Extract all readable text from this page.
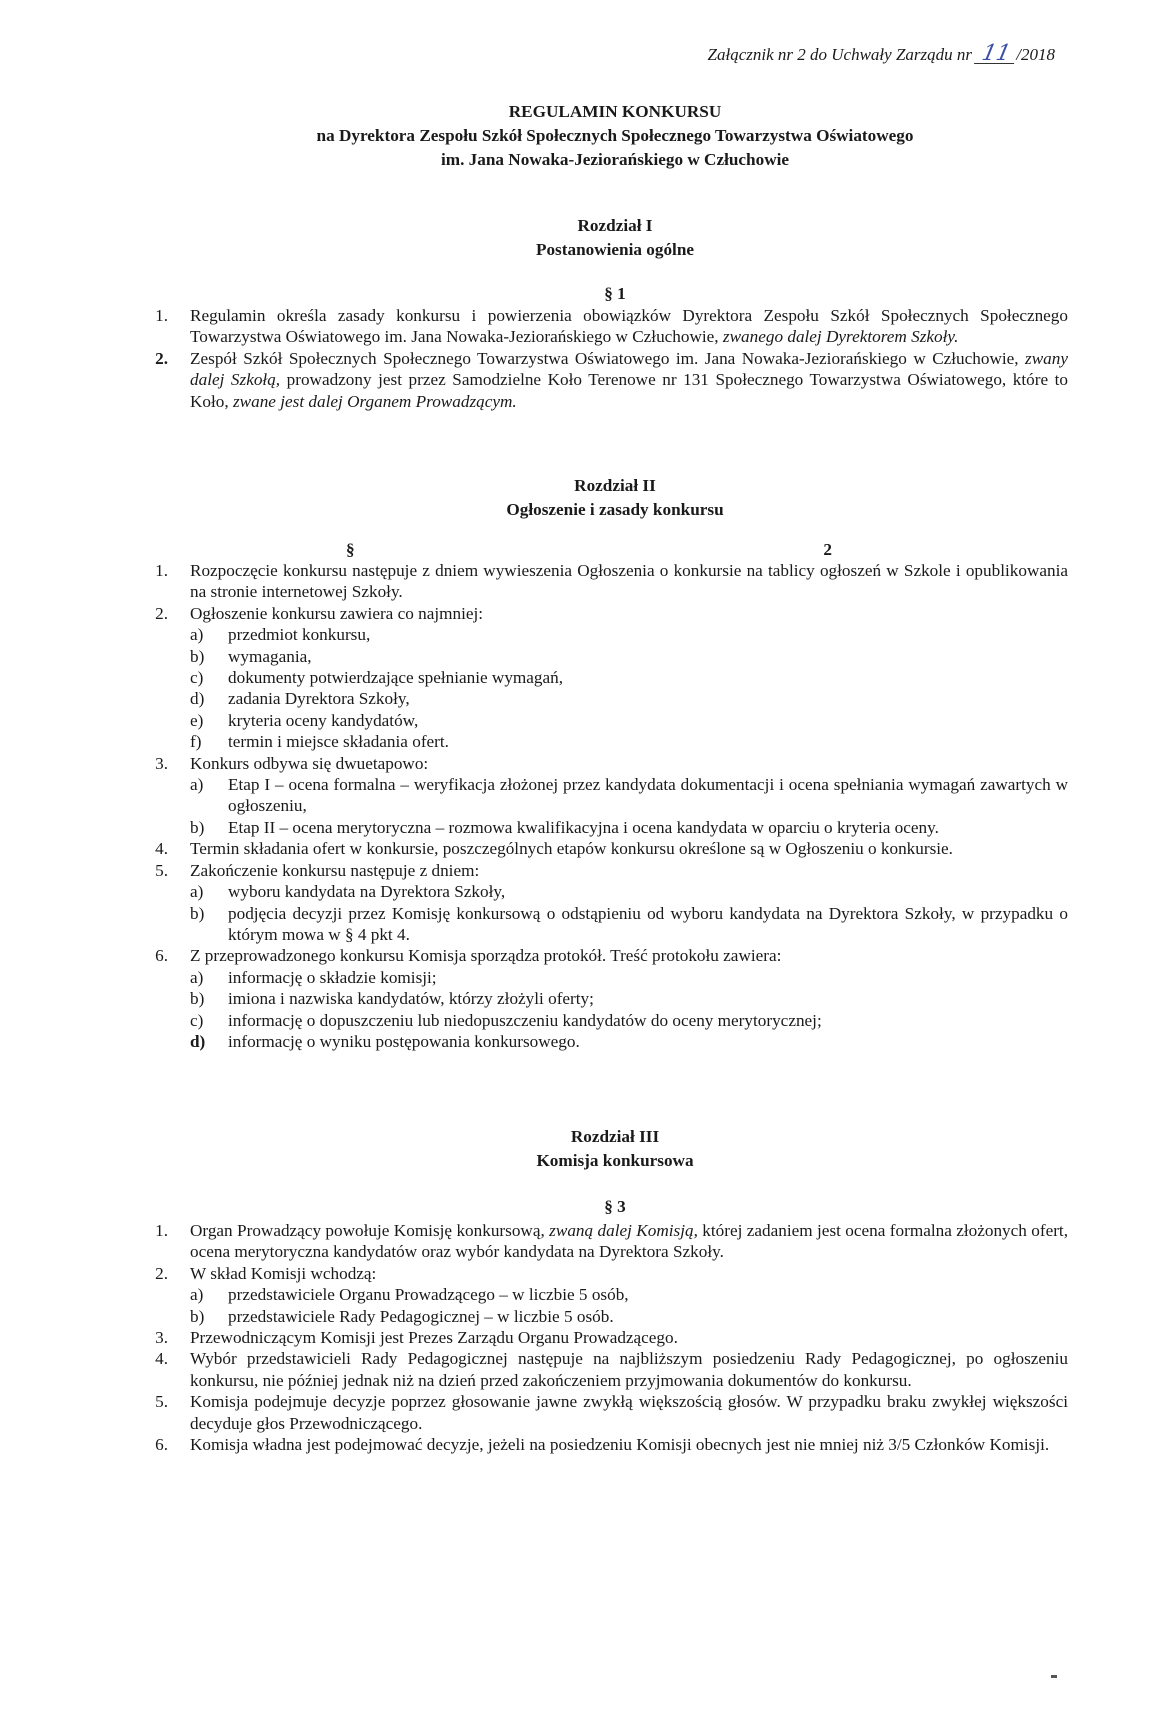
Załącznik nr 2 do Uchwały Zarządu nr 11 /2018
REGULAMIN KONKURSU
na Dyrektora Zespołu Szkół Społecznych Społecznego Towarzystwa Oświatowego
im. Jana Nowaka-Jeziorańskiego w Człuchowie
Rozdział I
Postanowienia ogólne
§ 1
1. Regulamin określa zasady konkursu i powierzenia obowiązków Dyrektora Zespołu Szkół Społecznych Społecznego Towarzystwa Oświatowego im. Jana Nowaka-Jeziorańskiego w Człuchowie, zwanego dalej Dyrektorem Szkoły.
2. Zespół Szkół Społecznych Społecznego Towarzystwa Oświatowego im. Jana Nowaka-Jeziorańskiego w Człuchowie, zwany dalej Szkołą, prowadzony jest przez Samodzielne Koło Terenowe nr 131 Społecznego Towarzystwa Oświatowego, które to Koło, zwane jest dalej Organem Prowadzącym.
Rozdział II
Ogłoszenie i zasady konkursu
§	2
1. Rozpoczęcie konkursu następuje z dniem wywieszenia Ogłoszenia o konkursie na tablicy ogłoszeń w Szkole i opublikowania na stronie internetowej Szkoły.
2. Ogłoszenie konkursu zawiera co najmniej:
a) przedmiot konkursu,
b) wymagania,
c) dokumenty potwierdzające spełnianie wymagań,
d) zadania Dyrektora Szkoły,
e) kryteria oceny kandydatów,
f) termin i miejsce składania ofert.
3. Konkurs odbywa się dwuetapowo:
a) Etap I – ocena formalna – weryfikacja złożonej przez kandydata dokumentacji i ocena spełniania wymagań zawartych w ogłoszeniu,
b) Etap II – ocena merytoryczna – rozmowa kwalifikacyjna i ocena kandydata w oparciu o kryteria oceny.
4. Termin składania ofert w konkursie, poszczególnych etapów konkursu określone są w Ogłoszeniu o konkursie.
5. Zakończenie konkursu następuje z dniem:
a) wyboru kandydata na Dyrektora Szkoły,
b) podjęcia decyzji przez Komisję konkursową o odstąpieniu od wyboru kandydata na Dyrektora Szkoły, w przypadku o którym mowa w § 4 pkt 4.
6. Z przeprowadzonego konkursu Komisja sporządza protokół. Treść protokołu zawiera:
a) informację o składzie komisji;
b) imiona i nazwiska kandydatów, którzy złożyli oferty;
c) informację o dopuszczeniu lub niedopuszczeniu kandydatów do oceny merytorycznej;
d) informację o wyniku postępowania konkursowego.
Rozdział III
Komisja konkursowa
§ 3
1. Organ Prowadzący powołuje Komisję konkursową, zwaną dalej Komisją, której zadaniem jest ocena formalna złożonych ofert, ocena merytoryczna kandydatów oraz wybór kandydata na Dyrektora Szkoły.
2. W skład Komisji wchodzą:
a) przedstawiciele Organu Prowadzącego – w liczbie 5 osób,
b) przedstawiciele Rady Pedagogicznej – w liczbie 5 osób.
3. Przewodniczącym Komisji jest Prezes Zarządu Organu Prowadzącego.
4. Wybór przedstawicieli Rady Pedagogicznej następuje na najbliższym posiedzeniu Rady Pedagogicznej, po ogłoszeniu konkursu, nie później jednak niż na dzień przed zakończeniem przyjmowania dokumentów do konkursu.
5. Komisja podejmuje decyzje poprzez głosowanie jawne zwykłą większością głosów. W przypadku braku zwykłej większości decyduje głos Przewodniczącego.
6. Komisja władna jest podejmować decyzje, jeżeli na posiedzeniu Komisji obecnych jest nie mniej niż 3/5 Członków Komisji.
